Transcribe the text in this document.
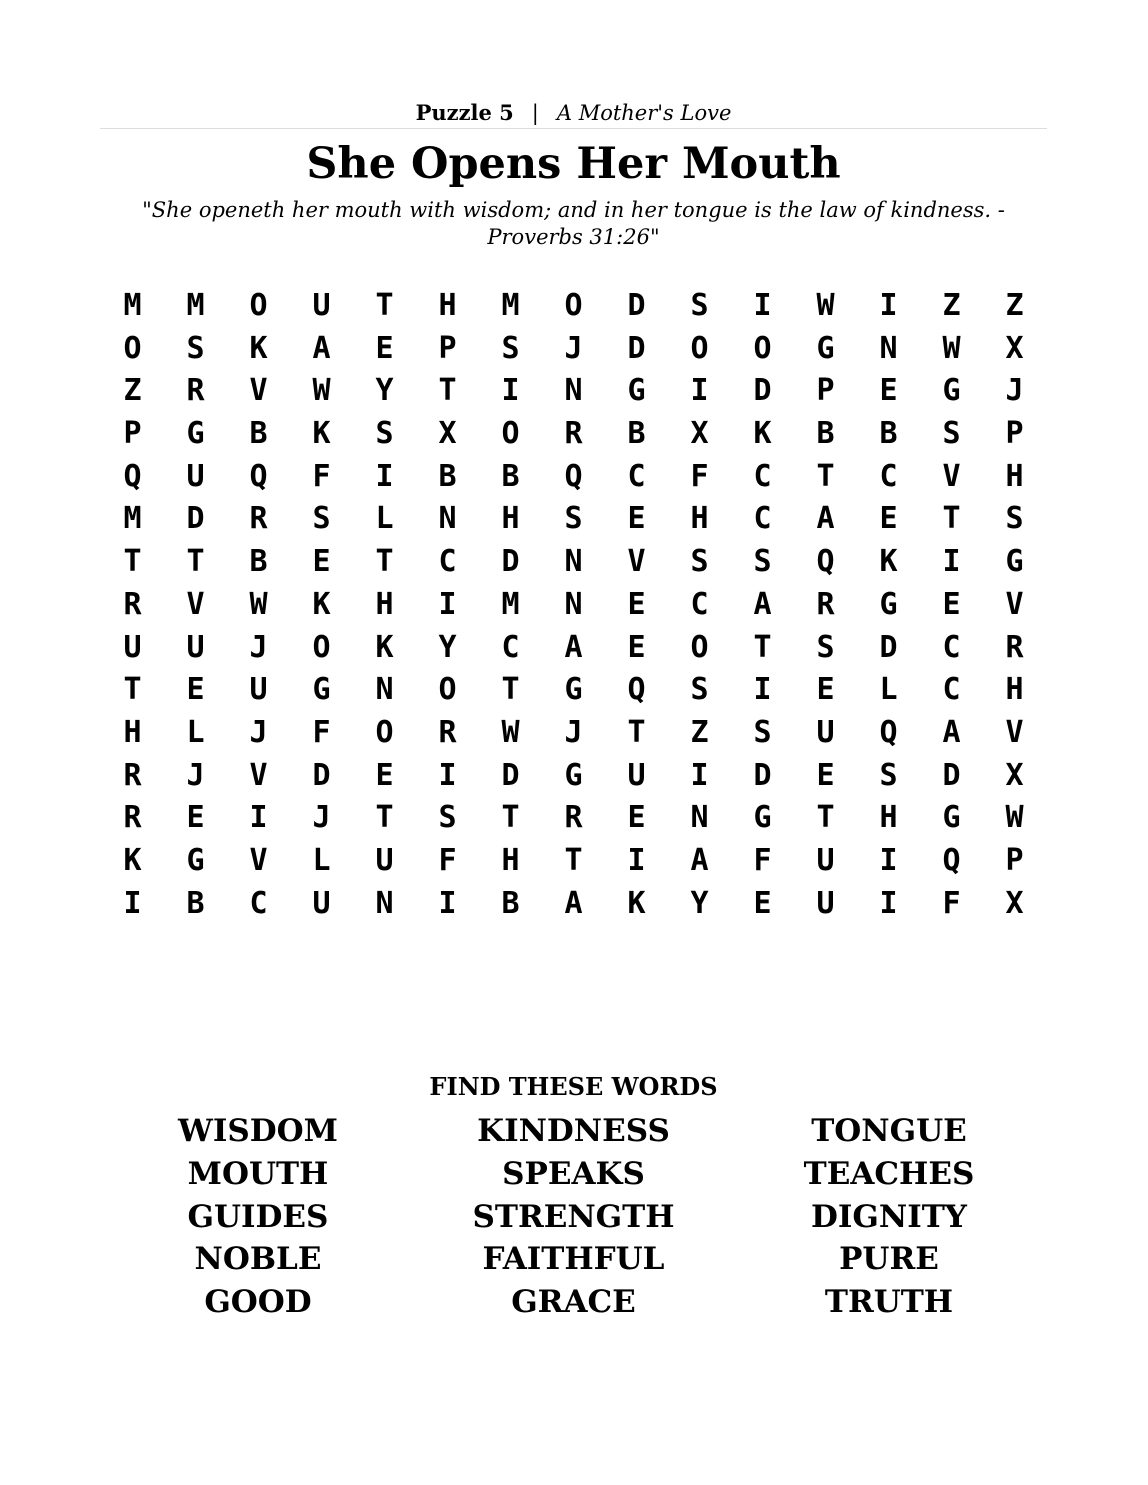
Puzzle 5 | A Mother's Love
She Opens Her Mouth
"She openeth her mouth with wisdom; and in her tongue is the law of kindness. - Proverbs 31:26"
M	M	O	U	T	H	M	O	D	S	I	W	I	Z	Z
O	S	K	A	E	P	S	J	D	O	O	G	N	W	X
Z	R	V	W	Y	T	I	N	G	I	D	P	E	G	J
P	G	B	K	S	X	O	R	B	X	K	B	B	S	P
Q	U	Q	F	I	B	B	Q	C	F	C	T	C	V	H
M	D	R	S	L	N	H	S	E	H	C	A	E	T	S
T	T	B	E	T	C	D	N	V	S	S	Q	K	I	G
R	V	W	K	H	I	M	N	E	C	A	R	G	E	V
U	U	J	O	K	Y	C	A	E	O	T	S	D	C	R
T	E	U	G	N	O	T	G	Q	S	I	E	L	C	H
H	L	J	F	O	R	W	J	T	Z	S	U	Q	A	V
R	J	V	D	E	I	D	G	U	I	D	E	S	D	X
R	E	I	J	T	S	T	R	E	N	G	T	H	G	W
K	G	V	L	U	F	H	T	I	A	F	U	I	Q	P
I	B	C	U	N	I	B	A	K	Y	E	U	I	F	X
FIND THESE WORDS
WISDOM	KINDNESS	TONGUE
MOUTH	SPEAKS	TEACHES
GUIDES	STRENGTH	DIGNITY
NOBLE	FAITHFUL	PURE
GOOD	GRACE	TRUTH
